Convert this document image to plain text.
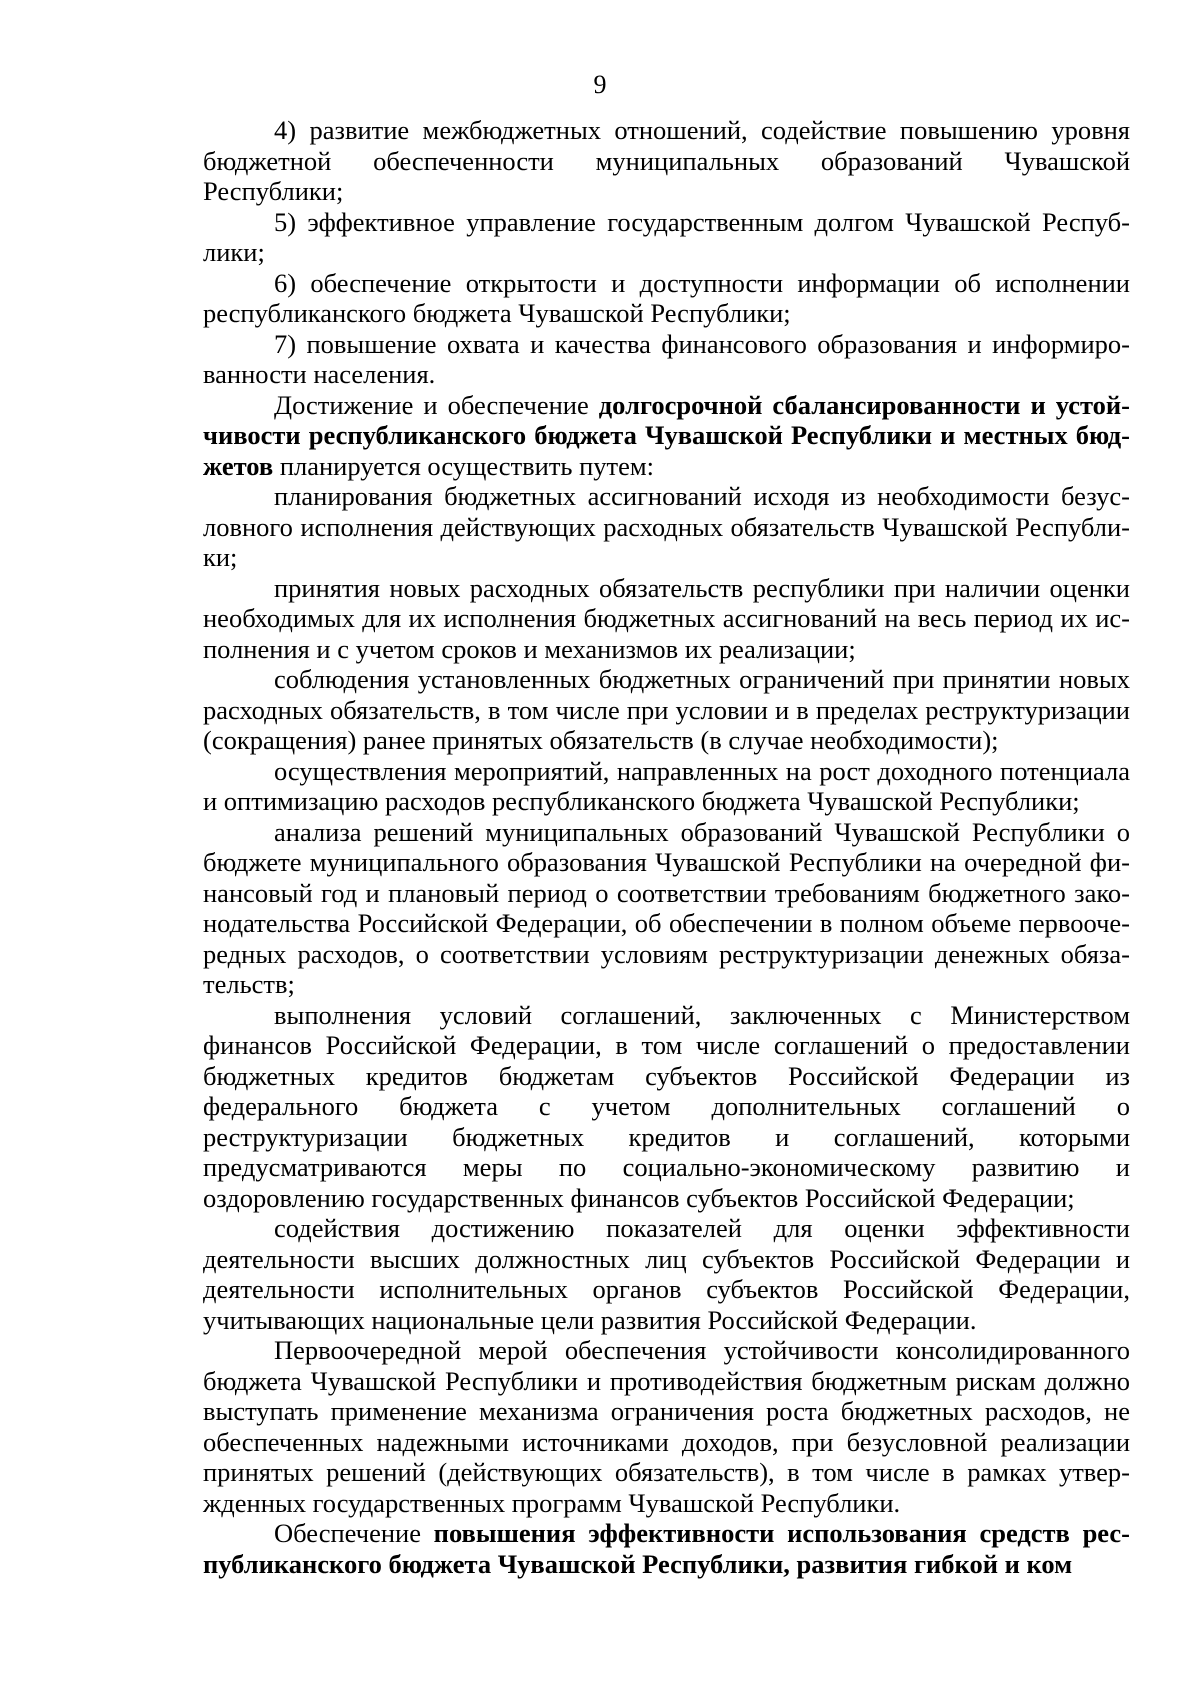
9

4) развитие межбюджетных отношений, содействие повышению уровня бюджетной обеспеченности муниципальных образований Чувашской Республики;

5) эффективное управление государственным долгом Чувашской Республики;

6) обеспечение открытости и доступности информации об исполнении республиканского бюджета Чувашской Республики;

7) повышение охвата и качества финансового образования и информированности населения.

Достижение и обеспечение долгосрочной сбалансированности и устойчивости республиканского бюджета Чувашской Республики и местных бюджетов планируется осуществить путем:

планирования бюджетных ассигнований исходя из необходимости безусловного исполнения действующих расходных обязательств Чувашской Республики;

принятия новых расходных обязательств республики при наличии оценки необходимых для их исполнения бюджетных ассигнований на весь период их исполнения и с учетом сроков и механизмов их реализации;

соблюдения установленных бюджетных ограничений при принятии новых расходных обязательств, в том числе при условии и в пределах реструктуризации (сокращения) ранее принятых обязательств (в случае необходимости);

осуществления мероприятий, направленных на рост доходного потенциала и оптимизацию расходов республиканского бюджета Чувашской Республики;

анализа решений муниципальных образований Чувашской Республики о бюджете муниципального образования Чувашской Республики на очередной финансовый год и плановый период о соответствии требованиям бюджетного законодательства Российской Федерации, об обеспечении в полном объеме первоочередных расходов, о соответствии условиям реструктуризации денежных обязательств;

выполнения условий соглашений, заключенных с Министерством финансов Российской Федерации, в том числе соглашений о предоставлении бюджетных кредитов бюджетам субъектов Российской Федерации из федерального бюджета с учетом дополнительных соглашений о реструктуризации бюджетных кредитов и соглашений, которыми предусматриваются меры по социально-экономическому развитию и оздоровлению государственных финансов субъектов Российской Федерации;

содействия достижению показателей для оценки эффективности деятельности высших должностных лиц субъектов Российской Федерации и деятельности исполнительных органов субъектов Российской Федерации, учитывающих национальные цели развития Российской Федерации.

Первоочередной мерой обеспечения устойчивости консолидированного бюджета Чувашской Республики и противодействия бюджетным рискам должно выступать применение механизма ограничения роста бюджетных расходов, не обеспеченных надежными источниками доходов, при безусловной реализации принятых решений (действующих обязательств), в том числе в рамках утвержденных государственных программ Чувашской Республики.

Обеспечение повышения эффективности использования средств республиканского бюджета Чувашской Республики, развития гибкой и ком
